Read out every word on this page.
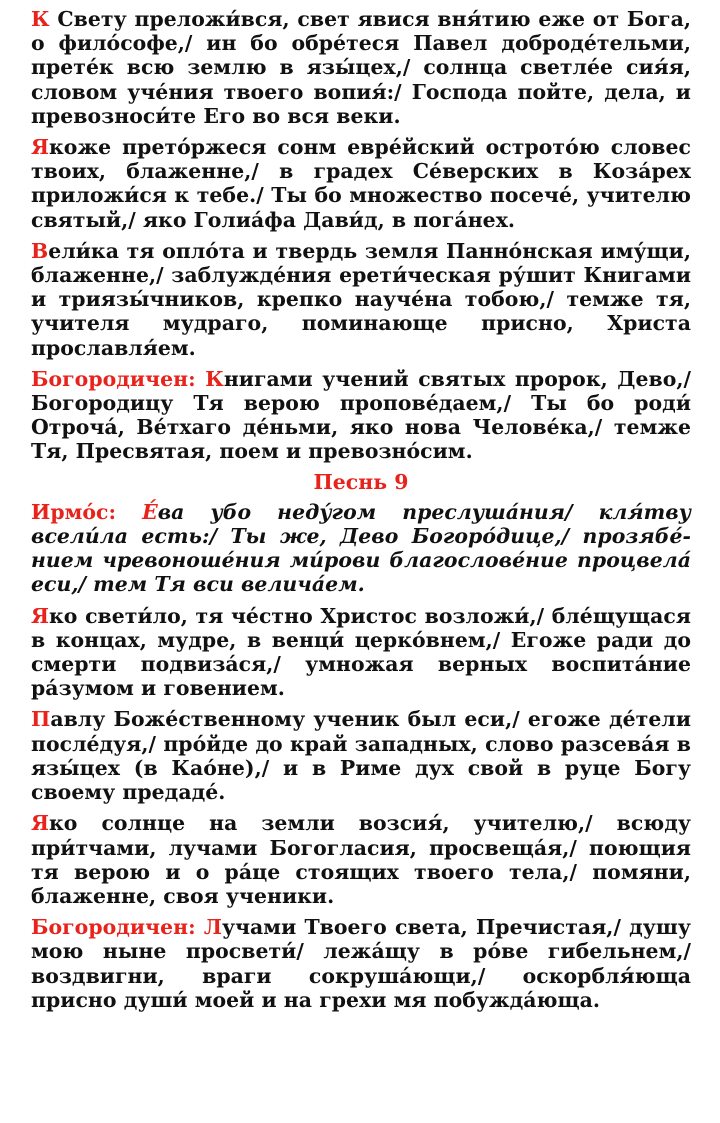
К Свету преложи́вся, свет явися вня́тию еже от Бога, о фило́софе,/ ин бо обре́теся Павел доброде́тельми, прете́к всю землю в язы́цех,/ солнца светле́е сия́я, словом уче́ния твоего вопия́:/ Господа пойте, дела, и превозноси́те Его во вся веки.

Якоже претóржеся сонм евре́йский острото́ю словес твоих, блаженне,/ в градех Се́верских в Коза́рех приложи́ся к тебе./ Ты бо множество посече́, учителю святый,/ яко Голиа́фа Дави́д, в пога́нех.

Вели́ка тя опло́та и твердь земля Панно́нская иму́щи, блаженне,/ заблужде́ния ерети́ческая ру́шит Книгами и триязы́чников, крепко науче́на тобою,/ темже тя, учителя мудраго, поминающе присно, Христа прославля́ем.

Богородичен: Книгами учений святых пророк, Дево,/ Богородицу Тя верою пропове́даем,/ Ты бо роди́ Отрочá, Ве́тхаго де́ньми, яко нова Челове́ка,/ темже Тя, Пресвятая, поем и превозно́сим.

Песнь 9

Ирмо́с: Е́ва убо неду́гом преслуша́ния/ кля́тву всели́ла есть:/ Ты же, Дево Богоро́дице,/ прозябе́нием чревоноше́ния ми́рови благослове́ние процвела́ еси,/ тем Тя вси велича́ем.

Яко свети́ло, тя че́стно Христос возложи́,/ бле́щущася в концах, мудре, в венци́ церко́внем,/ Егоже ради до смерти подвиза́ся,/ умножая верных воспита́ние ра́зумом и говением.

Павлу Боже́ственному ученик был еси,/ егоже де́тели после́дуя,/ про́йде до край западных, слово разсева́я в язы́цех (в Као́не),/ и в Риме дух свой в руце Богу своему предаде́.

Яко солнце на земли возсия́, учителю,/ всюду при́тчами, лучами Богогласия, просвеща́я,/ поющия тя верою и о ра́це стоящих твоего тела,/ помяни, блаженне, своя ученики.

Богородичен: Лучами Твоего света, Пречистая,/ душу мою ныне просвети́/ лежа́щу в ро́ве гибельнем,/ воздвигни, враги сокруша́ющи,/ оскорбля́юща присно души́ моей и на грехи мя побужда́юща.
